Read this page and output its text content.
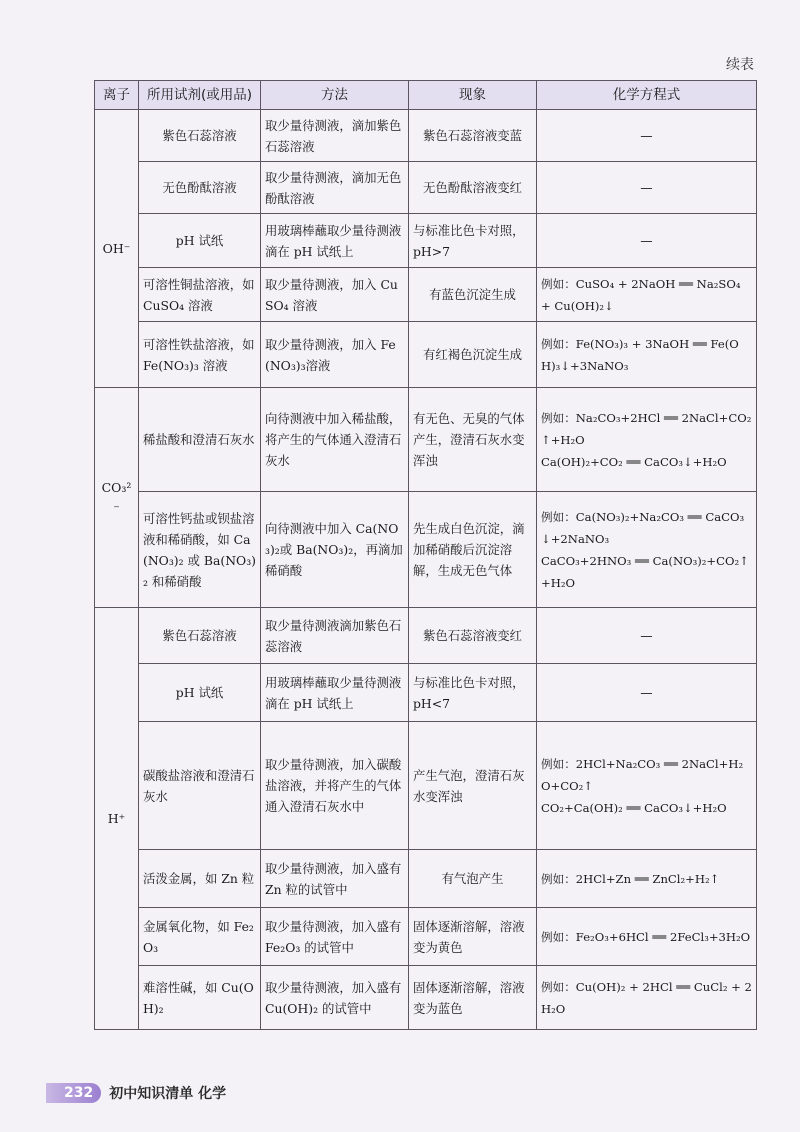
续表
离子	所用试剂(或用品)	方法	现象	化学方程式
OH⁻	紫色石蕊溶液	取少量待测液，滴加紫色石蕊溶液	紫色石蕊溶液变蓝	—
	无色酚酞溶液	取少量待测液，滴加无色酚酞溶液	无色酚酞溶液变红	—
	pH 试纸	用玻璃棒蘸取少量待测液滴在 pH 试纸上	与标准比色卡对照，pH>7	—
	可溶性铜盐溶液，如 CuSO₄ 溶液	取少量待测液，加入 CuSO₄ 溶液	有蓝色沉淀生成	例如：CuSO₄ + 2NaOH ══ Na₂SO₄ + Cu(OH)₂↓
	可溶性铁盐溶液，如 Fe(NO₃)₃ 溶液	取少量待测液，加入 Fe(NO₃)₃溶液	有红褐色沉淀生成	例如：Fe(NO₃)₃ + 3NaOH ══ Fe(OH)₃↓+3NaNO₃
CO₃²⁻	稀盐酸和澄清石灰水	向待测液中加入稀盐酸，将产生的气体通入澄清石灰水	有无色、无臭的气体产生，澄清石灰水变浑浊	例如：Na₂CO₃+2HCl ══ 2NaCl+CO₂↑+H₂O
Ca(OH)₂+CO₂ ══ CaCO₃↓+H₂O
	可溶性钙盐或钡盐溶液和稀硝酸，如 Ca(NO₃)₂ 或 Ba(NO₃)₂ 和稀硝酸	向待测液中加入 Ca(NO₃)₂或 Ba(NO₃)₂，再滴加稀硝酸	先生成白色沉淀，滴加稀硝酸后沉淀溶解，生成无色气体	例如：Ca(NO₃)₂+Na₂CO₃ ══ CaCO₃↓+2NaNO₃
CaCO₃+2HNO₃ ══ Ca(NO₃)₂+CO₂↑+H₂O
H⁺	紫色石蕊溶液	取少量待测液滴加紫色石蕊溶液	紫色石蕊溶液变红	—
	pH 试纸	用玻璃棒蘸取少量待测液滴在 pH 试纸上	与标准比色卡对照，pH<7	—
	碳酸盐溶液和澄清石灰水	取少量待测液，加入碳酸盐溶液，并将产生的气体通入澄清石灰水中	产生气泡，澄清石灰水变浑浊	例如：2HCl+Na₂CO₃ ══ 2NaCl+H₂O+CO₂↑
CO₂+Ca(OH)₂ ══ CaCO₃↓+H₂O
	活泼金属，如 Zn 粒	取少量待测液，加入盛有 Zn 粒的试管中	有气泡产生	例如：2HCl+Zn ══ ZnCl₂+H₂↑
	金属氧化物，如 Fe₂O₃	取少量待测液，加入盛有 Fe₂O₃ 的试管中	固体逐渐溶解，溶液变为黄色	例如：Fe₂O₃+6HCl ══ 2FeCl₃+3H₂O
	难溶性碱，如 Cu(OH)₂	取少量待测液，加入盛有 Cu(OH)₂ 的试管中	固体逐渐溶解，溶液变为蓝色	例如：Cu(OH)₂ + 2HCl ══ CuCl₂ + 2H₂O
232	初中知识清单 化学
